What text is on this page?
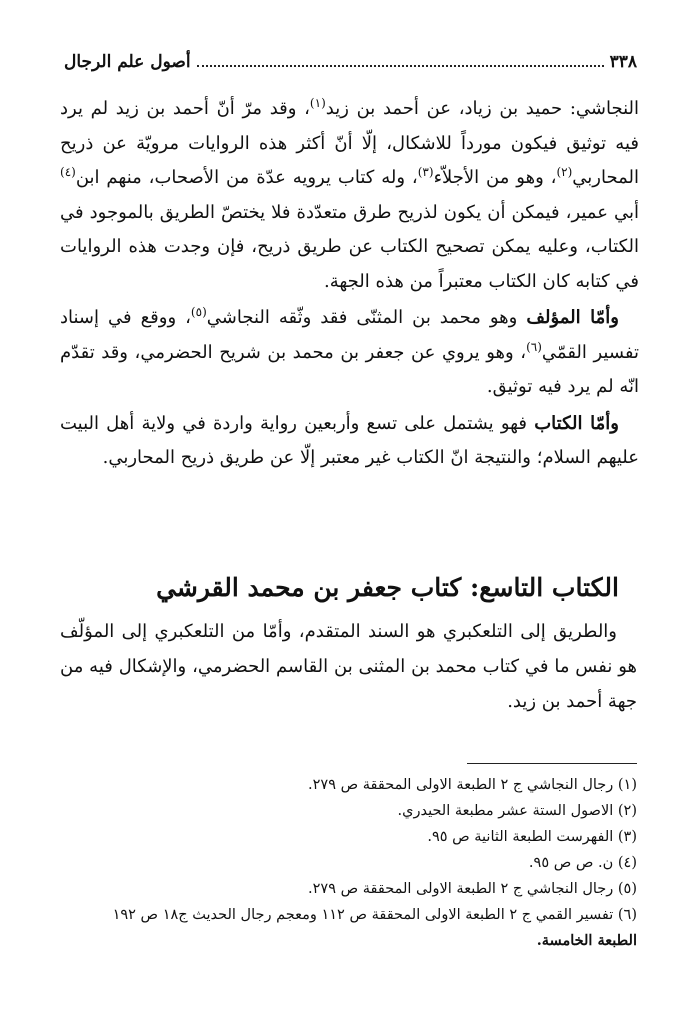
٣٣٨
أصول علم الرجال

النجاشي: حميد بن زياد، عن أحمد بن زيد$^{(١)}$، وقد مرّ أنّ أحمد بن زيد لم يرد فيه توثيق فيكون مورداً للاشكال، إلّا أنّ أكثر هذه الروايات مرويّة عن ذريح المحاربي$^{(٢)}$، وهو من الأجلاّء$^{(٣)}$، وله كتاب يرويه عدّة من الأصحاب، منهم ابن$^{(٤)}$ أبي عمير، فيمكن أن يكون لذريح طرق متعدّدة فلا يختصّ الطريق بالموجود في الكتاب، وعليه يمكن تصحيح الكتاب عن طريق ذريح، فإن وجدت هذه الروايات في كتابه كان الكتاب معتبراً من هذه الجهة.

وأمّا المؤلف وهو محمد بن المثنّى فقد وثّقه النجاشي$^{(٥)}$، ووقع في إسناد تفسير القمّي$^{(٦)}$، وهو يروي عن جعفر بن محمد بن شريح الحضرمي، وقد تقدّم انّه لم يرد فيه توثيق.

وأمّا الكتاب فهو يشتمل على تسع وأربعين رواية واردة في ولاية أهل البيت عليهم السلام؛ والنتيجة انّ الكتاب غير معتبر إلّا عن طريق ذريح المحاربي.

الكتاب التاسع: كتاب جعفر بن محمد القرشي

والطريق إلى التلعكبري هو السند المتقدم، وأمّا من التلعكبري إلى المؤلّف هو نفس ما في كتاب محمد بن المثنى بن القاسم الحضرمي، والإشكال فيه من جهة أحمد بن زيد.

(١) رجال النجاشي ج ٢ الطبعة الاولى المحققة ص ٢٧٩.
(٢) الاصول الستة عشر مطبعة الحيدري.
(٣) الفهرست الطبعة الثانية ص ٩٥.
(٤) ن. ص ص ٩٥.
(٥) رجال النجاشي ج ٢ الطبعة الاولى المحققة ص ٢٧٩.
(٦) تفسير القمي ج ٢ الطبعة الاولى المحققة ص ١١٢ ومعجم رجال الحديث ج١٨ ص ١٩٢
الطبعة الخامسة.
